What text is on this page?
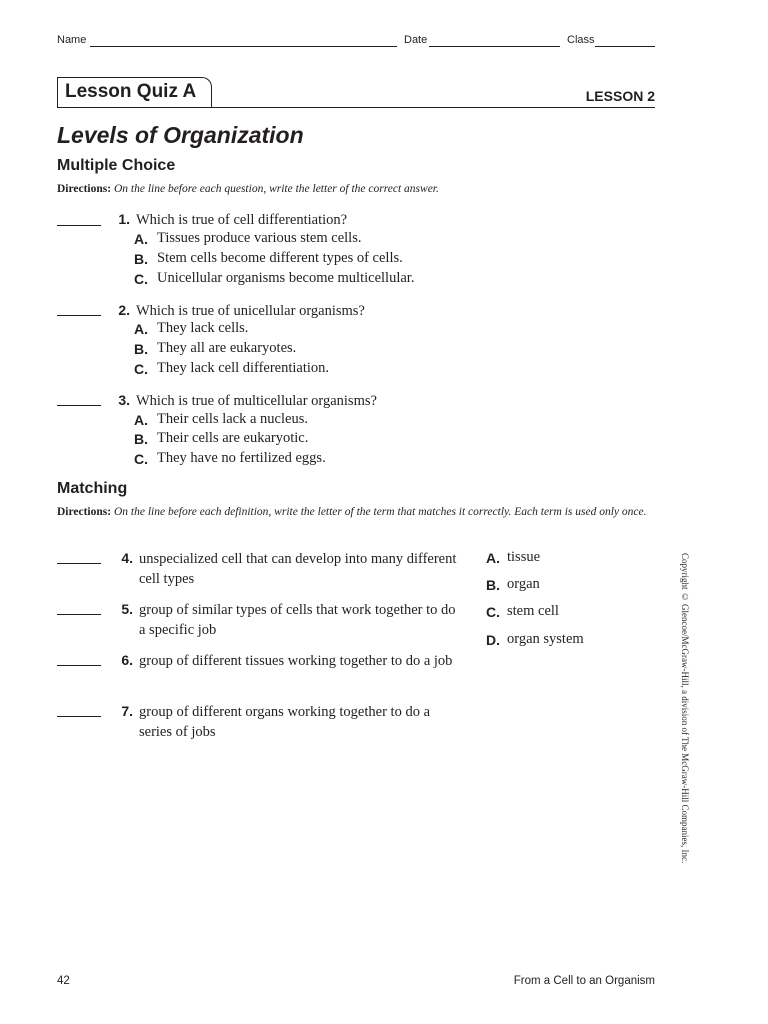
Name	Date	Class
Lesson Quiz A	LESSON 2
Levels of Organization
Multiple Choice
Directions: On the line before each question, write the letter of the correct answer.
1. Which is true of cell differentiation?
A. Tissues produce various stem cells.
B. Stem cells become different types of cells.
C. Unicellular organisms become multicellular.
2. Which is true of unicellular organisms?
A. They lack cells.
B. They all are eukaryotes.
C. They lack cell differentiation.
3. Which is true of multicellular organisms?
A. Their cells lack a nucleus.
B. Their cells are eukaryotic.
C. They have no fertilized eggs.
Matching
Directions: On the line before each definition, write the letter of the term that matches it correctly. Each term is used only once.
4. unspecialized cell that can develop into many different cell types
5. group of similar types of cells that work together to do a specific job
6. group of different tissues working together to do a job
7. group of different organs working together to do a series of jobs
A. tissue
B. organ
C. stem cell
D. organ system	Copyright © Glencoe/McGraw-Hill, a division of The McGraw-Hill Companies, Inc.
42	From a Cell to an Organism
